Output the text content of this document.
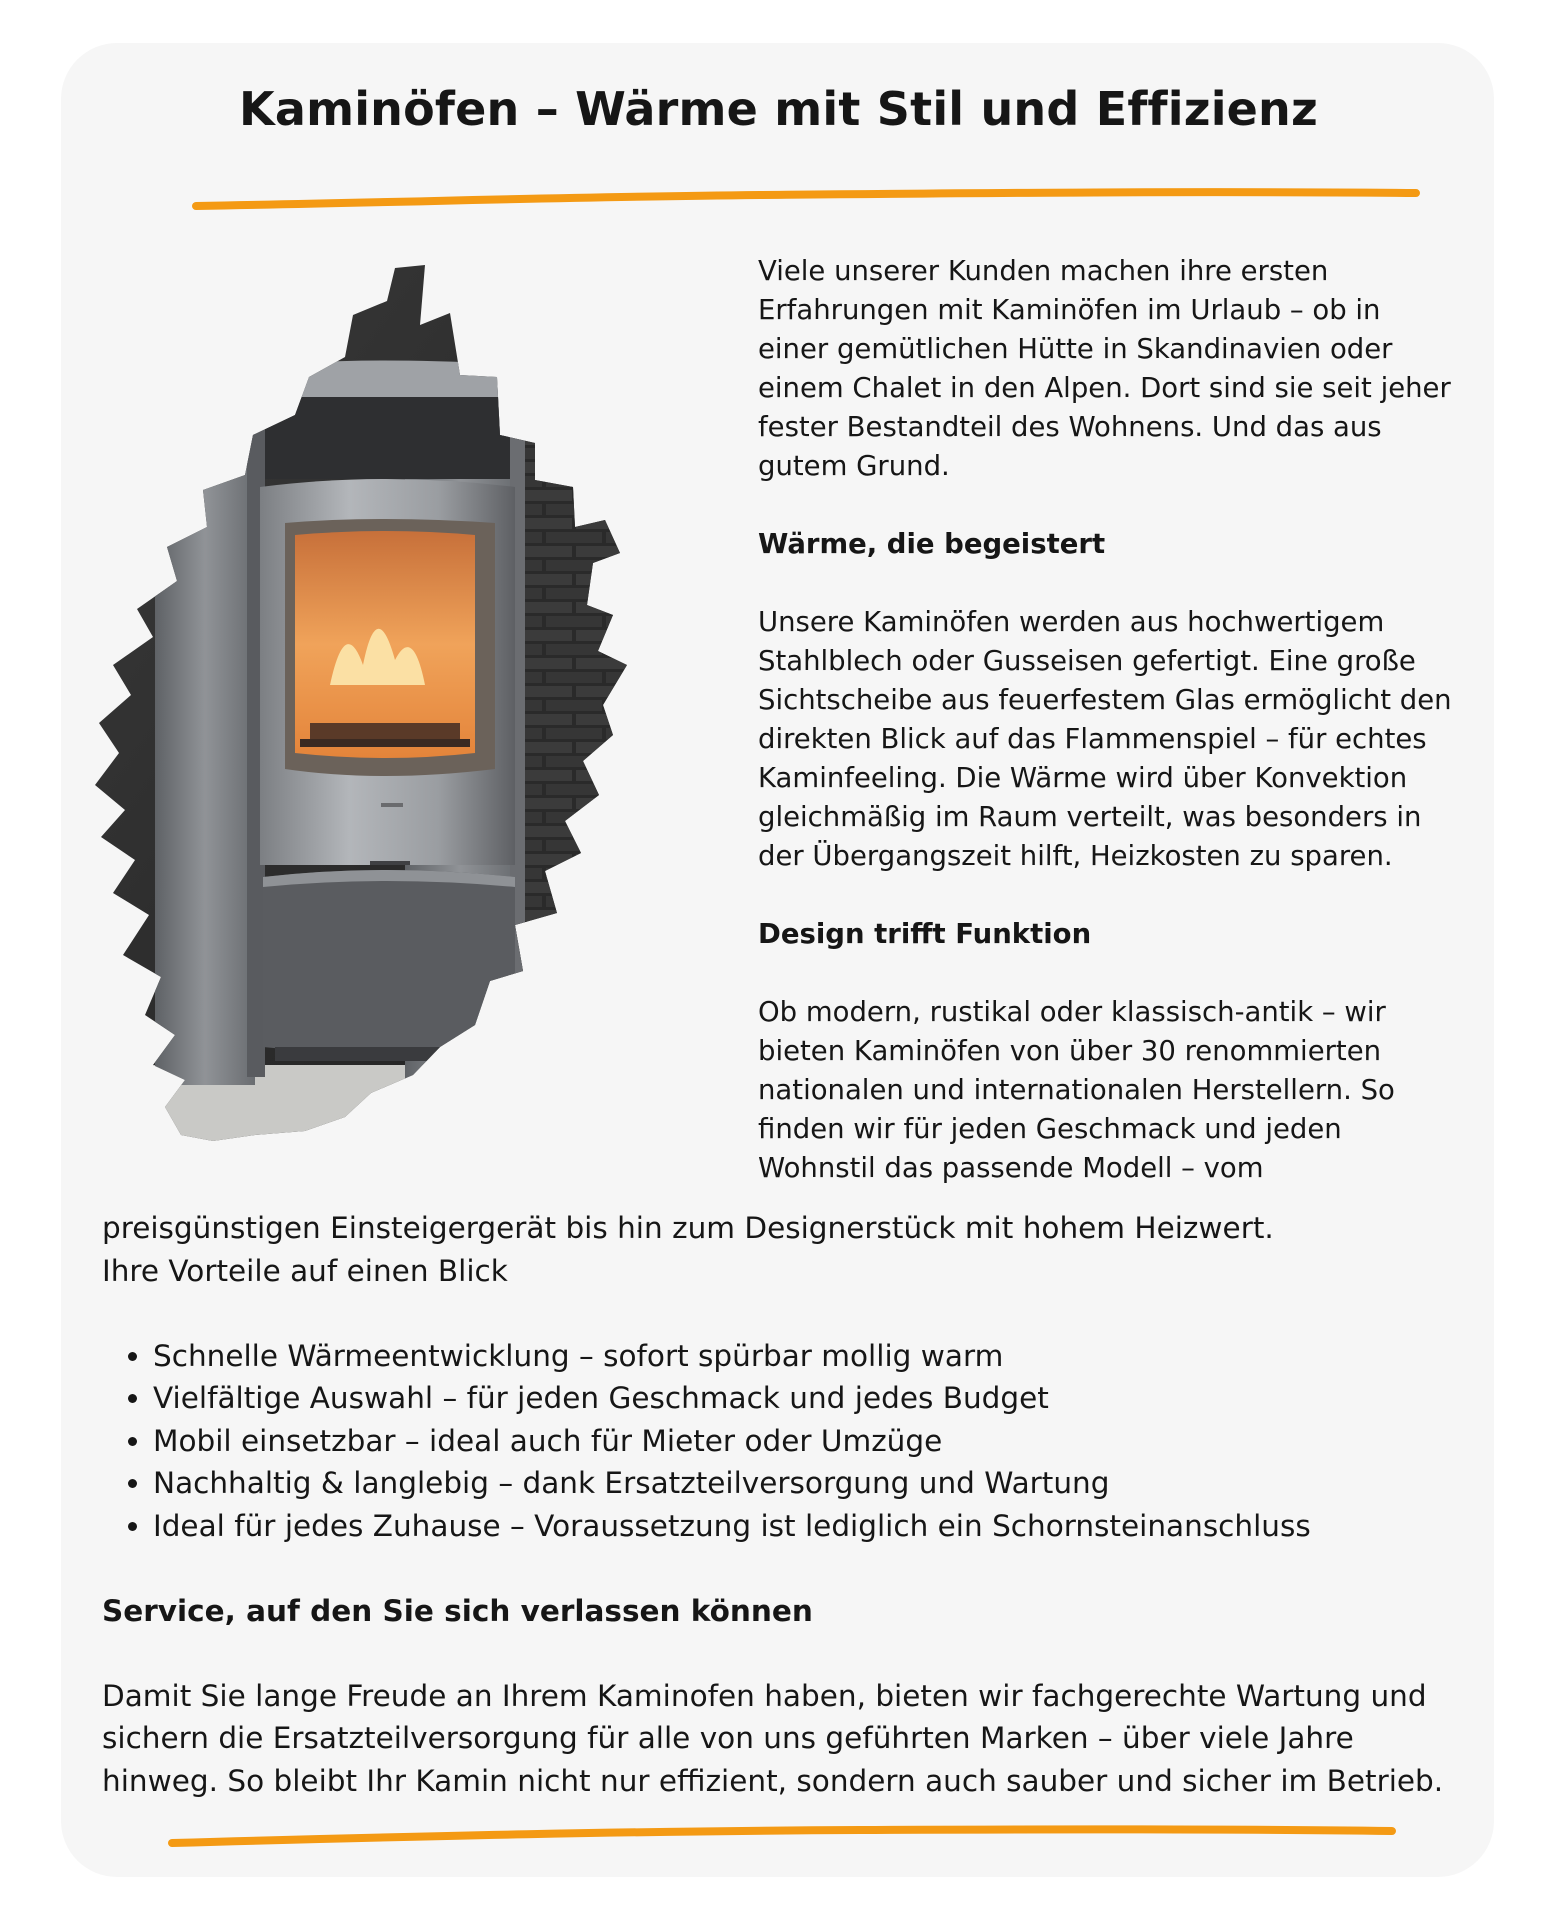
Kaminöfen – Wärme mit Stil und Effizienz

Viele unserer Kunden machen ihre ersten Erfahrungen mit Kaminöfen im Urlaub – ob in einer gemütlichen Hütte in Skandinavien oder einem Chalet in den Alpen. Dort sind sie seit jeher fester Bestandteil des Wohnens. Und das aus gutem Grund.

Wärme, die begeistert

Unsere Kaminöfen werden aus hochwertigem Stahlblech oder Gusseisen gefertigt. Eine große Sichtscheibe aus feuerfestem Glas ermöglicht den direkten Blick auf das Flammenspiel – für echtes Kaminfeeling. Die Wärme wird über Konvektion gleichmäßig im Raum verteilt, was besonders in der Übergangszeit hilft, Heizkosten zu sparen.

Design trifft Funktion

Ob modern, rustikal oder klassisch-antik – wir bieten Kaminöfen von über 30 renommierten nationalen und internationalen Herstellern. So finden wir für jeden Geschmack und jeden Wohnstil das passende Modell – vom

preisgünstigen Einsteigergerät bis hin zum Designerstück mit hohem Heizwert.

Ihre Vorteile auf einen Blick

• Schnelle Wärmeentwicklung – sofort spürbar mollig warm
• Vielfältige Auswahl – für jeden Geschmack und jedes Budget
• Mobil einsetzbar – ideal auch für Mieter oder Umzüge
• Nachhaltig & langlebig – dank Ersatzteilversorgung und Wartung
• Ideal für jedes Zuhause – Voraussetzung ist lediglich ein Schornsteinanschluss
Service, auf den Sie sich verlassen können

Damit Sie lange Freude an Ihrem Kaminofen haben, bieten wir fachgerechte Wartung und sichern die Ersatzteilversorgung für alle von uns geführten Marken – über viele Jahre hinweg. So bleibt Ihr Kamin nicht nur effizient, sondern auch sauber und sicher im Betrieb.
